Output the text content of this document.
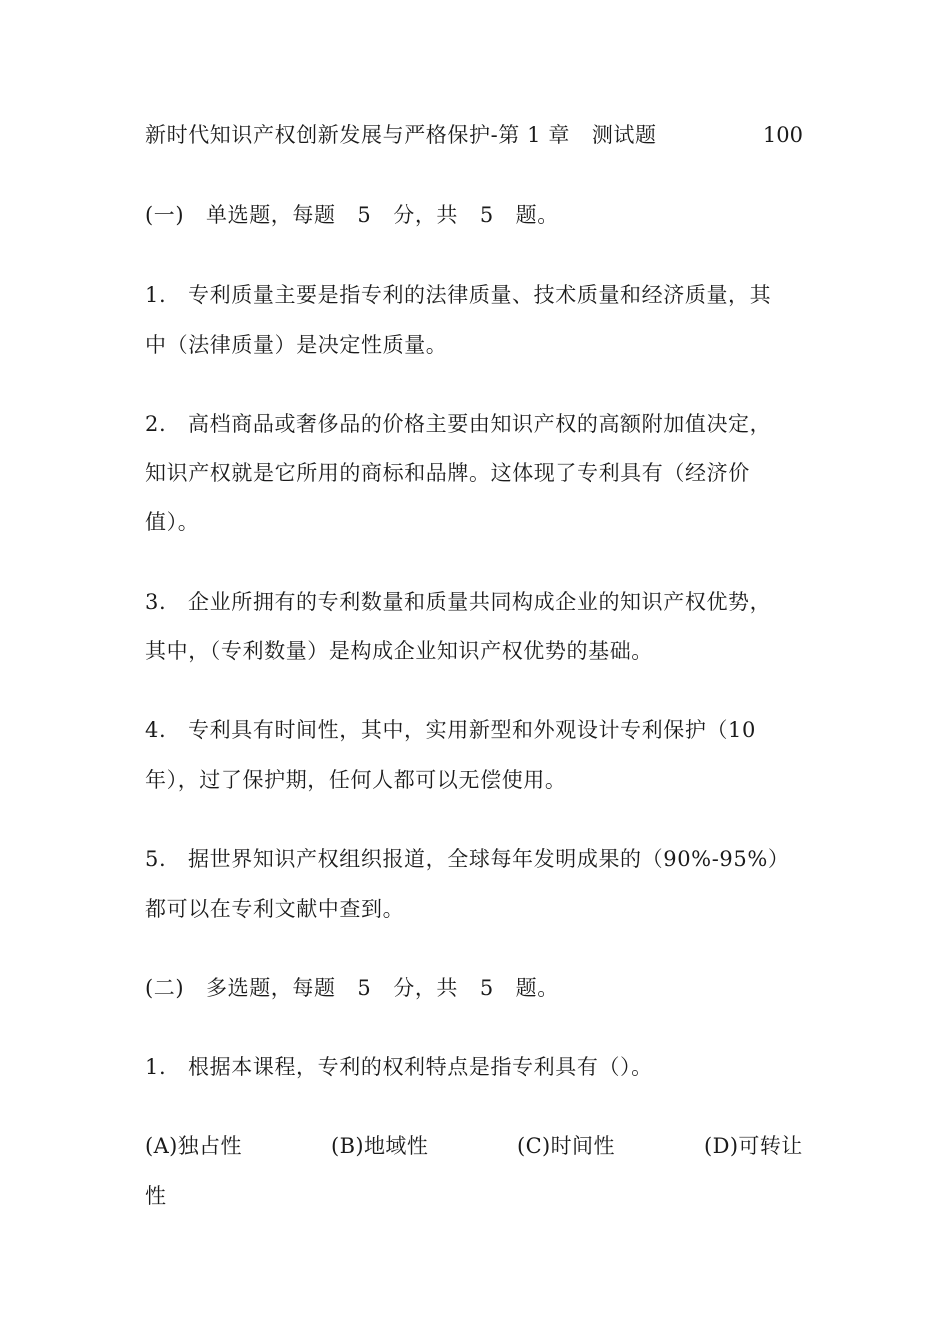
新时代知识产权创新发展与严格保护-第 1 章   测试题	100
(一)   单选题，每题   5   分，共   5   题。
1.   专利质量主要是指专利的法律质量、技术质量和经济质量，其
中（法律质量）是决定性质量。
2.   高档商品或奢侈品的价格主要由知识产权的高额附加值决定，
知识产权就是它所用的商标和品牌。这体现了专利具有（经济价
值）。
3.   企业所拥有的专利数量和质量共同构成企业的知识产权优势，
其中，（专利数量）是构成企业知识产权优势的基础。
4.   专利具有时间性，其中，实用新型和外观设计专利保护（10
年），过了保护期，任何人都可以无偿使用。
5.   据世界知识产权组织报道，全球每年发明成果的（90%-95%）
都可以在专利文献中查到。
(二)   多选题，每题   5   分，共   5   题。
1.   根据本课程，专利的权利特点是指专利具有（）。
(A)独占性	(B)地域性	(C)时间性	(D)可转让
性
